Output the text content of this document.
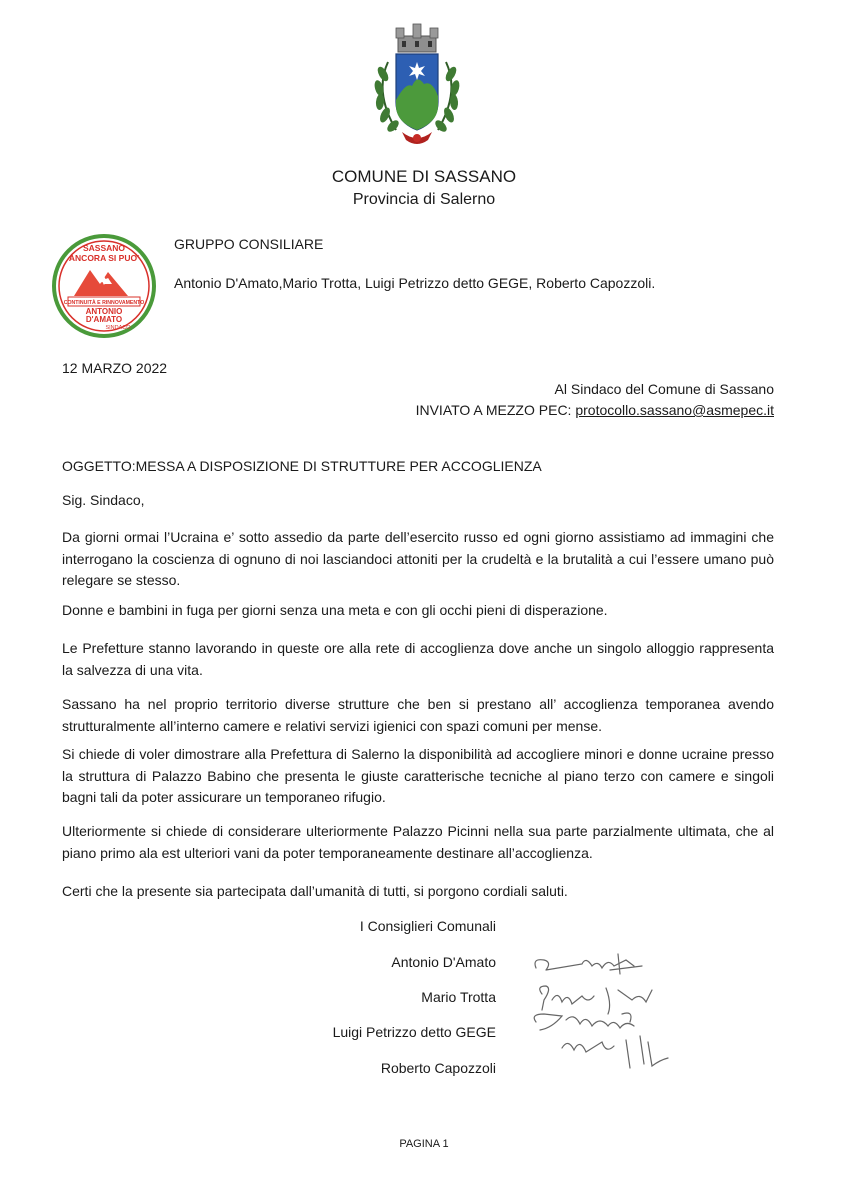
COMUNE DI SASSANO
Provincia di Salerno
SASSANO
ANCORA SI PUO'
CONTINUITÀ E RINNOVAMENTO
ANTONIO
D'AMATO
SINDACO
GRUPPO CONSILIARE
Antonio D'Amato,Mario Trotta, Luigi Petrizzo detto GEGE, Roberto Capozzoli.
12 MARZO 2022
Al Sindaco del Comune di Sassano
INVIATO A MEZZO PEC: protocollo.sassano@asmepec.it
OGGETTO:MESSA A DISPOSIZIONE DI STRUTTURE PER ACCOGLIENZA
Sig. Sindaco,
Da giorni ormai l’Ucraina e’ sotto assedio da parte dell’esercito russo ed ogni giorno assistiamo ad immagini che interrogano la coscienza di ognuno di noi lasciandoci attoniti per la crudeltà e la brutalità a cui l’essere umano può relegare se stesso.
Donne e bambini in fuga per giorni senza una meta e con gli occhi pieni di disperazione.
Le Prefetture stanno lavorando in queste ore alla rete di accoglienza dove anche un singolo alloggio rappresenta la salvezza di una vita.
Sassano ha nel proprio territorio diverse strutture che ben si prestano all’ accoglienza temporanea avendo strutturalmente all’interno camere e relativi servizi igienici con spazi comuni per mense.
Si chiede di voler dimostrare alla Prefettura di Salerno la disponibilità ad accogliere minori e donne ucraine presso la struttura di Palazzo Babino che presenta le giuste caratterische tecniche al piano terzo con camere e singoli bagni tali da poter assicurare un temporaneo rifugio.
Ulteriormente si chiede di considerare ulteriormente Palazzo Picinni nella sua parte parzialmente ultimata, che al piano primo ala est ulteriori vani da poter temporaneamente destinare all’accoglienza.
Certi che la presente sia partecipata dall’umanità di tutti, si porgono cordiali saluti.
I Consiglieri Comunali
Antonio D'Amato
Mario Trotta
Luigi Petrizzo detto GEGE
Roberto Capozzoli
PAGINA 1
